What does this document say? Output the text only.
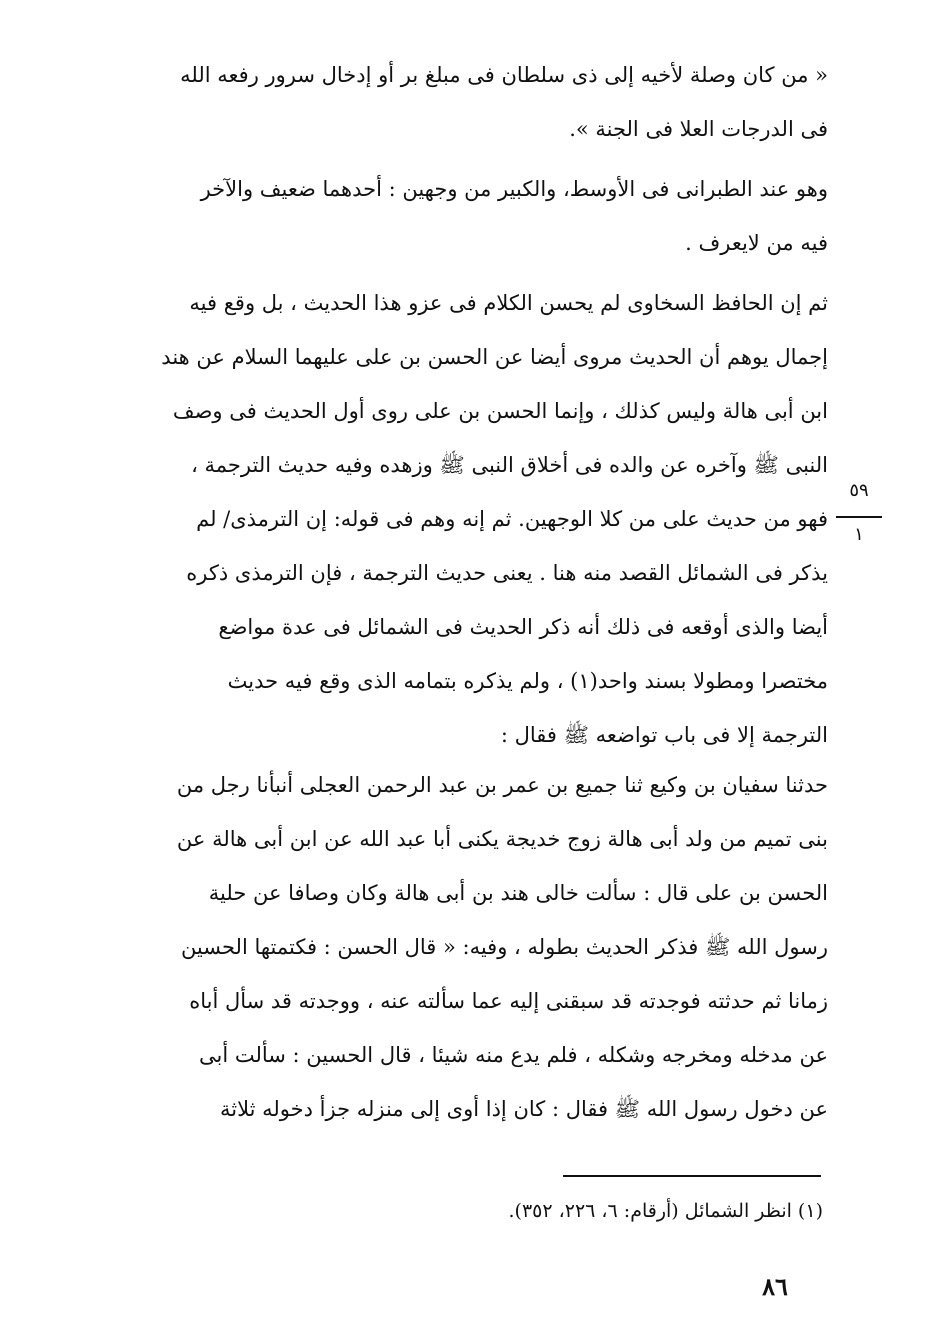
« من كان وصلة لأخيه إلى ذى سلطان فى مبلغ بر أو إدخال سرور رفعه الله
فى الدرجات العلا فى الجنة ».
وهو عند الطبرانى فى الأوسط، والكبير من وجهين : أحدهما ضعيف والآخر
فيه من لايعرف .
ثم إن الحافظ السخاوى لم يحسن الكلام فى عزو هذا الحديث ، بل وقع فيه
إجمال يوهم أن الحديث مروى أيضا عن الحسن بن على عليهما السلام عن هند
ابن أبى هالة وليس كذلك ، وإنما الحسن بن على روى أول الحديث فى وصف
النبى ﷺ وآخره عن والده فى أخلاق النبى ﷺ وزهده وفيه حديث الترجمة ،
فهو من حديث على من كلا الوجهين. ثم إنه وهم فى قوله: إن الترمذى/ لم
يذكر فى الشمائل القصد منه هنا . يعنى حديث الترجمة ، فإن الترمذى ذكره
أيضا والذى أوقعه فى ذلك أنه ذكر الحديث فى الشمائل فى عدة مواضع
مختصرا ومطولا بسند واحد(١) ، ولم يذكره بتمامه الذى وقع فيه حديث
الترجمة إلا فى باب تواضعه ﷺ فقال :
حدثنا سفيان بن وكيع ثنا جميع بن عمر بن عبد الرحمن العجلى أنبأنا رجل من
بنى تميم من ولد أبى هالة زوج خديجة يكنى أبا عبد الله عن ابن أبى هالة عن
الحسن بن على قال : سألت خالى هند بن أبى هالة وكان وصافا عن حلية
رسول الله ﷺ فذكر الحديث بطوله ، وفيه: « قال الحسن : فكتمتها الحسين
زمانا ثم حدثته فوجدته قد سبقنى إليه عما سألته عنه ، ووجدته قد سأل أباه
عن مدخله ومخرجه وشكله ، فلم يدع منه شيئا ، قال الحسين : سألت أبى
عن دخول رسول الله ﷺ فقال : كان إذا أوى إلى منزله جزأ دخوله ثلاثة
٥٩
١
(١) انظر الشمائل (أرقام: ٦، ٢٢٦، ٣٥٢).
٨٦
